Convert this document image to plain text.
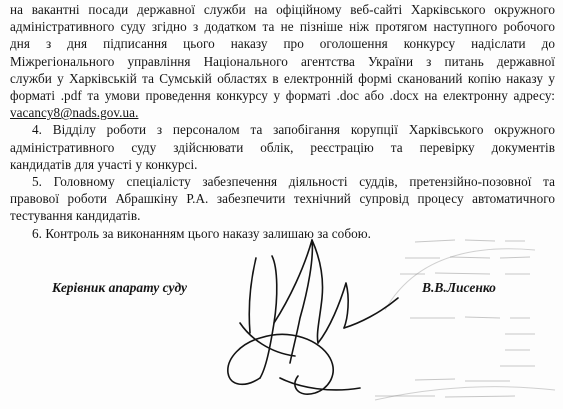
на вакантні посади державної служби на офіційному веб-сайті Харківського окружного
адміністративного суду згідно з додатком та не пізніше ніж протягом наступного робочого
дня з дня підписання цього наказу про оголошення конкурсу надіслати до
Міжрегіонального управління Національного агентства України з питань державної
служби у Харківській та Сумській областях в електронній формі сканований копію наказу у
форматі .pdf та умови проведення конкурсу у форматі .doc або .docx на електронну адресу:
vacancy8@nads.gov.ua.
4. Відділу роботи з персоналом та запобігання корупції Харківського окружного
адміністративного суду здійснювати облік, реєстрацію та перевірку документів
кандидатів для участі у конкурсі.
5. Головному спеціалісту забезпечення діяльності суддів, претензійно-позовної та
правової роботи Абрашкіну Р.А. забезпечити технічний супровід процесу автоматичного
тестування кандидатів.
6. Контроль за виконанням цього наказу залишаю за собою.
Керівник апарату суду	В.В.Лисенко
